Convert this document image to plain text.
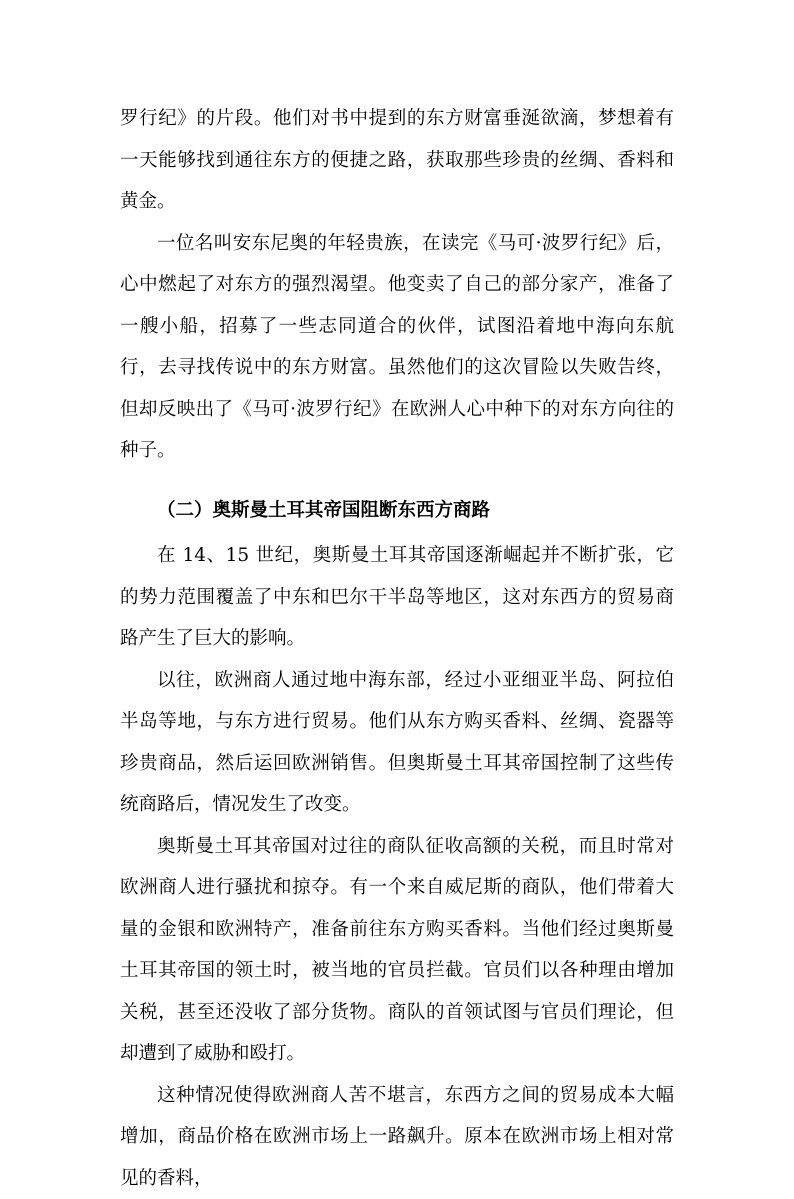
罗行纪》的片段。他们对书中提到的东方财富垂涎欲滴，梦想着有一天能够找到通往东方的便捷之路，获取那些珍贵的丝绸、香料和黄金。

一位名叫安东尼奥的年轻贵族，在读完《马可·波罗行纪》后，心中燃起了对东方的强烈渴望。他变卖了自己的部分家产，准备了一艘小船，招募了一些志同道合的伙伴，试图沿着地中海向东航行，去寻找传说中的东方财富。虽然他们的这次冒险以失败告终，但却反映出了《马可·波罗行纪》在欧洲人心中种下的对东方向往的种子。

（二）奥斯曼土耳其帝国阻断东西方商路

在 14、15 世纪，奥斯曼土耳其帝国逐渐崛起并不断扩张，它的势力范围覆盖了中东和巴尔干半岛等地区，这对东西方的贸易商路产生了巨大的影响。

以往，欧洲商人通过地中海东部，经过小亚细亚半岛、阿拉伯半岛等地，与东方进行贸易。他们从东方购买香料、丝绸、瓷器等珍贵商品，然后运回欧洲销售。但奥斯曼土耳其帝国控制了这些传统商路后，情况发生了改变。

奥斯曼土耳其帝国对过往的商队征收高额的关税，而且时常对欧洲商人进行骚扰和掠夺。有一个来自威尼斯的商队，他们带着大量的金银和欧洲特产，准备前往东方购买香料。当他们经过奥斯曼土耳其帝国的领土时，被当地的官员拦截。官员们以各种理由增加关税，甚至还没收了部分货物。商队的首领试图与官员们理论，但却遭到了威胁和殴打。

这种情况使得欧洲商人苦不堪言，东西方之间的贸易成本大幅增加，商品价格在欧洲市场上一路飙升。原本在欧洲市场上相对常见的香料，
